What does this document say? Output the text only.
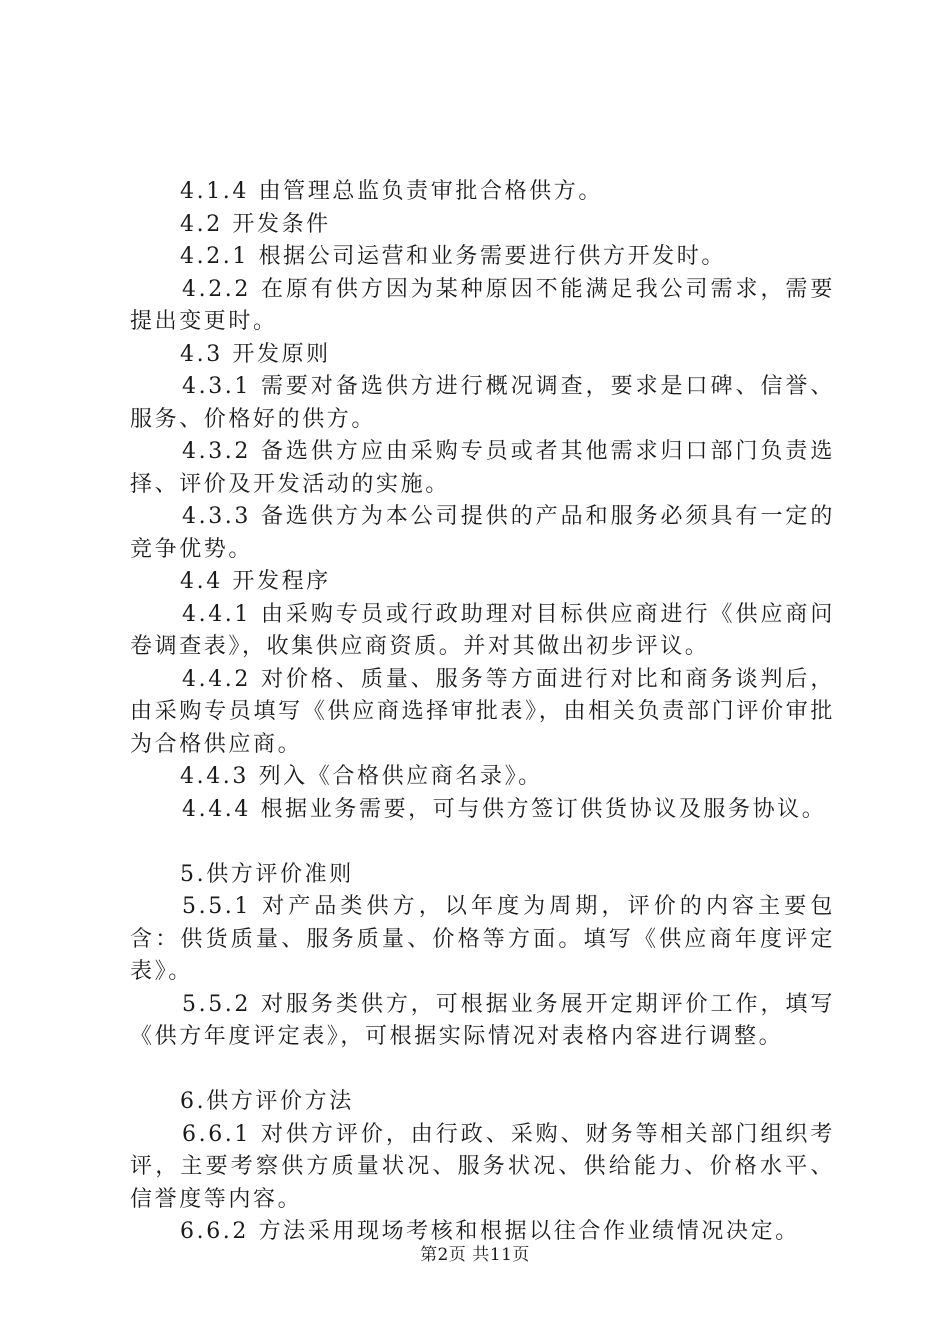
4.1.4 由管理总监负责审批合格供方。

4.2 开发条件

4.2.1 根据公司运营和业务需要进行供方开发时。

4.2.2 在原有供方因为某种原因不能满足我公司需求，需要提出变更时。

4.3 开发原则

4.3.1 需要对备选供方进行概况调查，要求是口碑、信誉、服务、价格好的供方。

4.3.2 备选供方应由采购专员或者其他需求归口部门负责选择、评价及开发活动的实施。

4.3.3 备选供方为本公司提供的产品和服务必须具有一定的竞争优势。

4.4 开发程序

4.4.1 由采购专员或行政助理对目标供应商进行《供应商问卷调查表》，收集供应商资质。并对其做出初步评议。

4.4.2 对价格、质量、服务等方面进行对比和商务谈判后，由采购专员填写《供应商选择审批表》，由相关负责部门评价审批为合格供应商。

4.4.3 列入《合格供应商名录》。

4.4.4 根据业务需要，可与供方签订供货协议及服务协议。

5.供方评价准则

5.5.1 对产品类供方，以年度为周期，评价的内容主要包含：供货质量、服务质量、价格等方面。填写《供应商年度评定表》。

5.5.2 对服务类供方，可根据业务展开定期评价工作，填写《供方年度评定表》，可根据实际情况对表格内容进行调整。

6.供方评价方法

6.6.1 对供方评价，由行政、采购、财务等相关部门组织考评，主要考察供方质量状况、服务状况、供给能力、价格水平、信誉度等内容。

6.6.2 方法采用现场考核和根据以往合作业绩情况决定。

第2页 共11页
